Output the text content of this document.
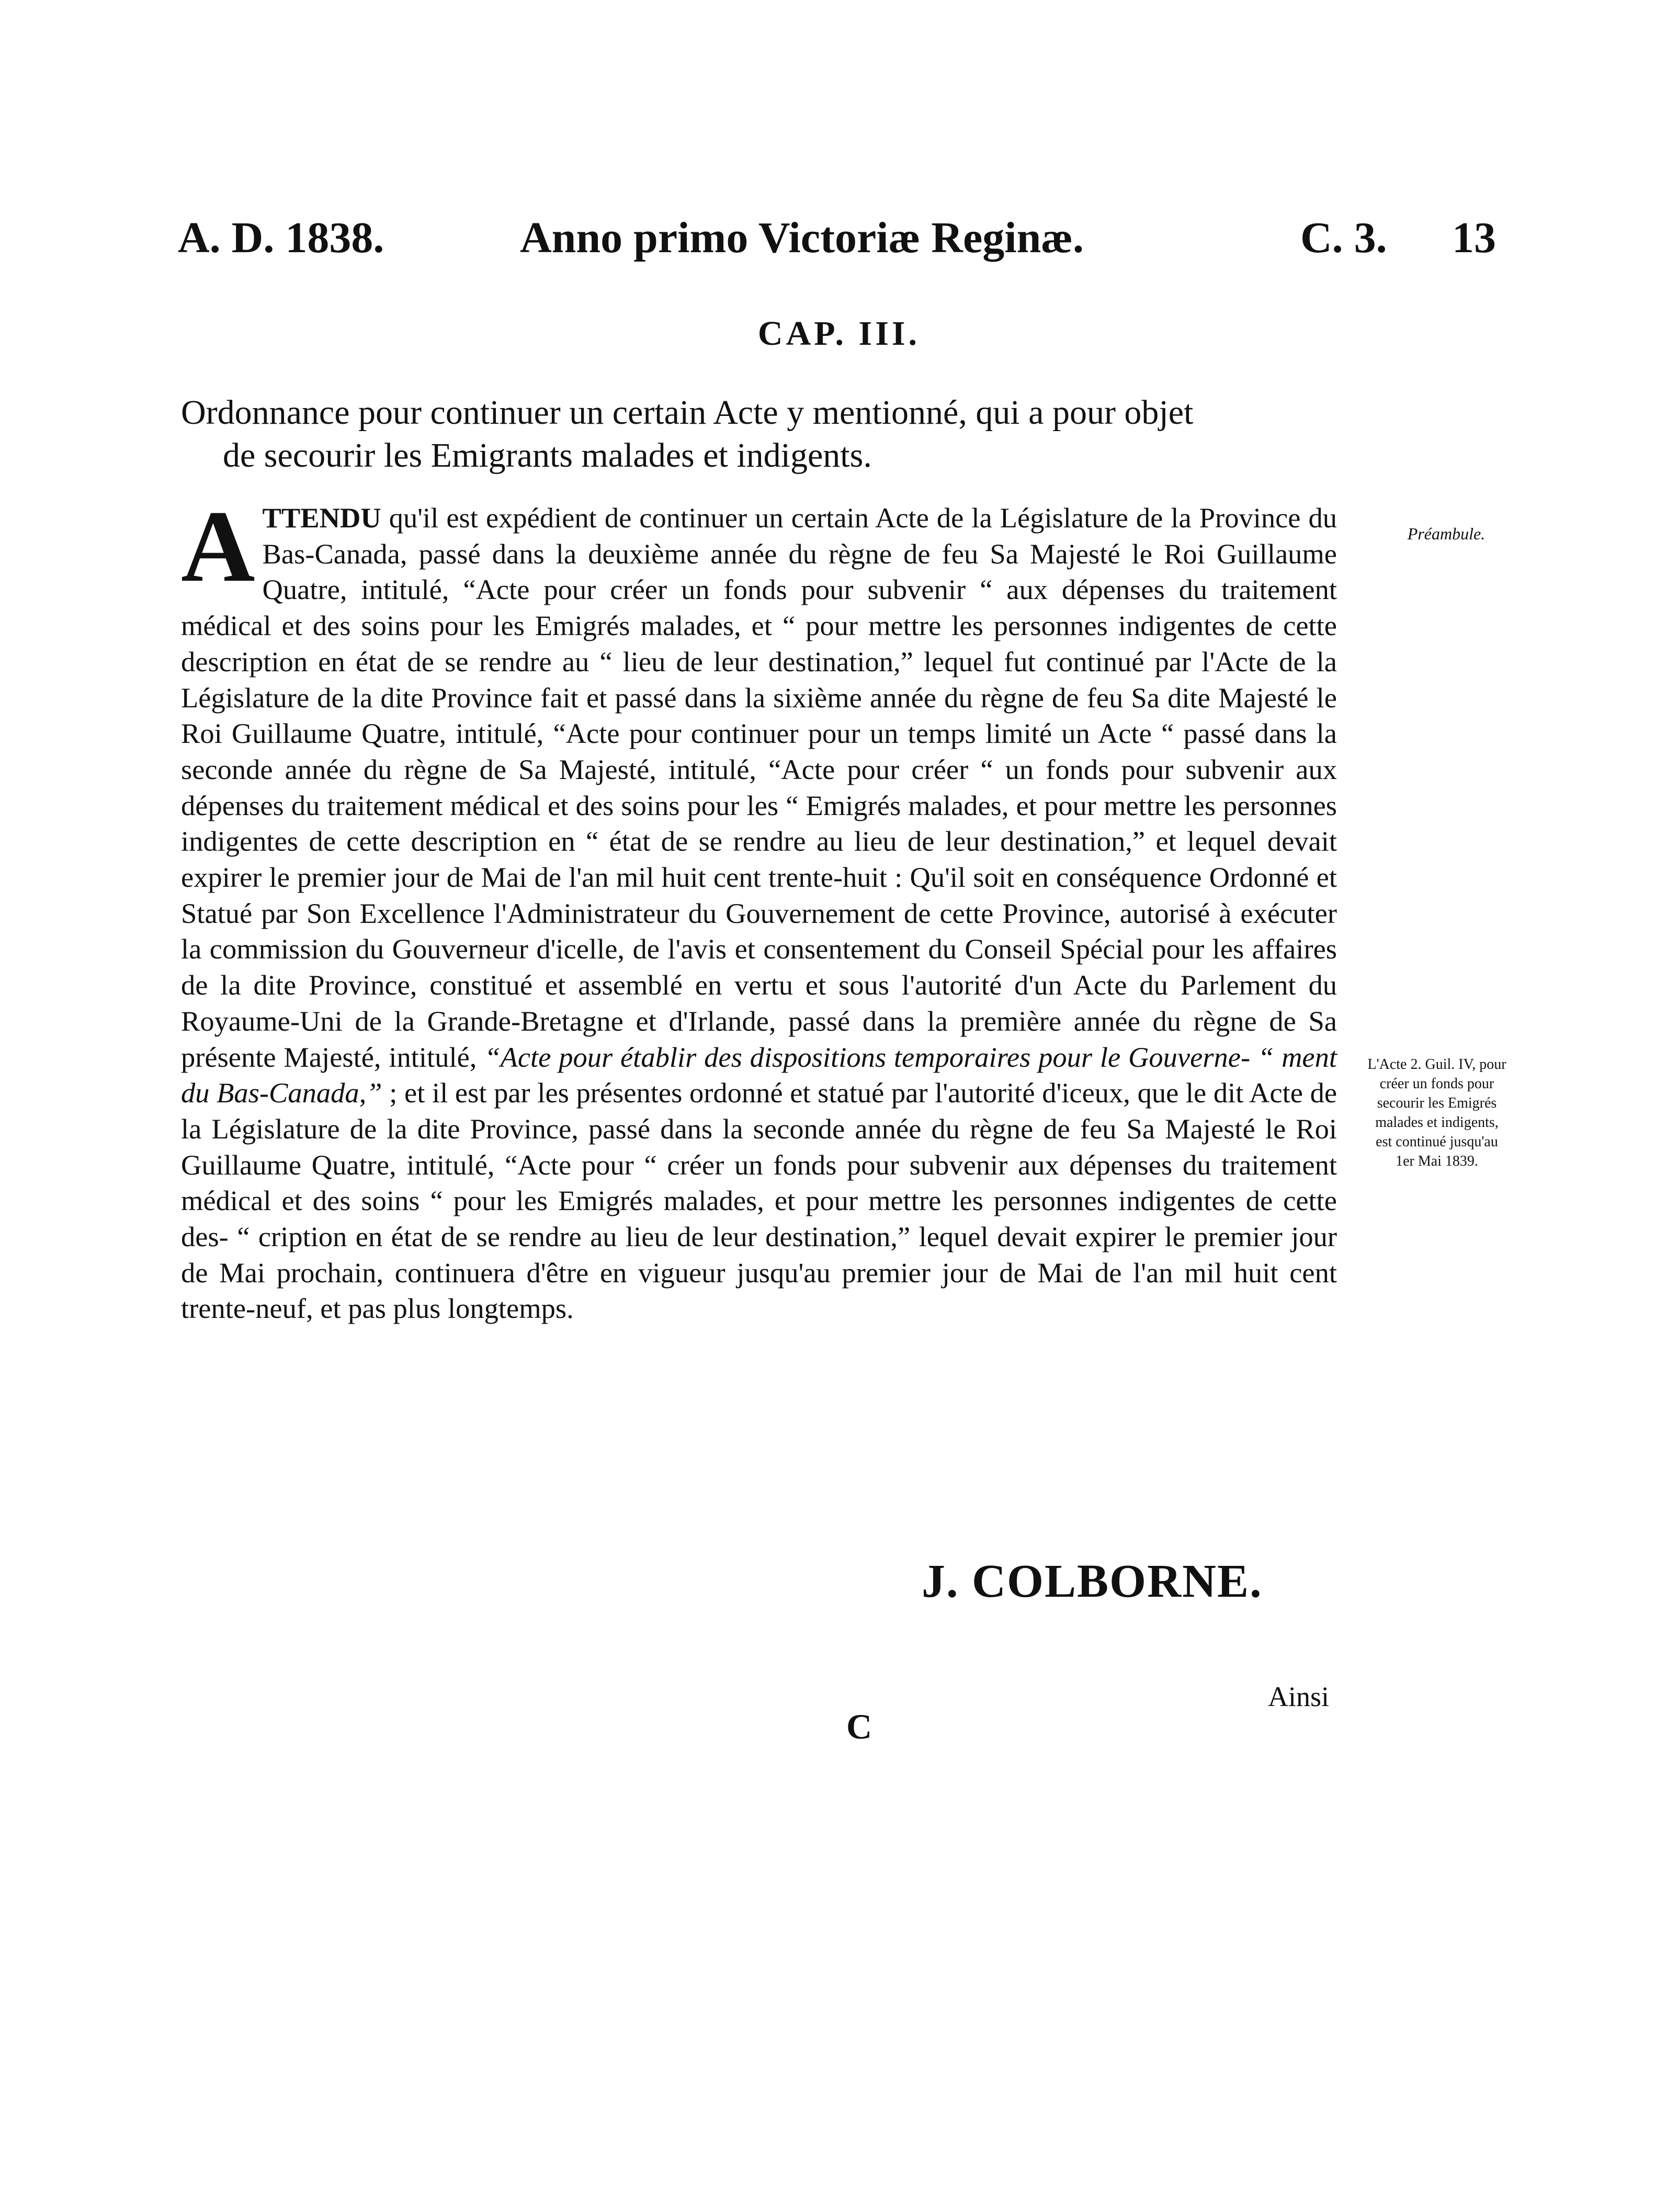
A. D. 1838.	Anno primo Victoriæ Reginæ.	C. 3. 13
CAP. III.
Ordonnance pour continuer un certain Acte y mentionné, qui a pour objet
de secourir les Emigrants malades et indigents.
ATTENDU qu'il est expédient de continuer un certain Acte de la Législature de la Province du Bas-Canada, passé dans la deuxième année du règne de feu Sa Majesté le Roi Guillaume Quatre, intitulé, “Acte pour créer un fonds pour subvenir “ aux dépenses du traitement médical et des soins pour les Emigrés malades, et “ pour mettre les personnes indigentes de cette description en état de se rendre au “ lieu de leur destination,” lequel fut continué par l'Acte de la Législature de la dite Province fait et passé dans la sixième année du règne de feu Sa dite Majesté le Roi Guillaume Quatre, intitulé, “Acte pour continuer pour un temps limité un Acte “ passé dans la seconde année du règne de Sa Majesté, intitulé, “Acte pour créer “ un fonds pour subvenir aux dépenses du traitement médical et des soins pour les “ Emigrés malades, et pour mettre les personnes indigentes de cette description en “ état de se rendre au lieu de leur destination,” et lequel devait expirer le premier jour de Mai de l'an mil huit cent trente-huit : Qu'il soit en conséquence Ordonné et Statué par Son Excellence l'Administrateur du Gouvernement de cette Province, autorisé à exécuter la commission du Gouverneur d'icelle, de l'avis et consentement du Conseil Spécial pour les affaires de la dite Province, constitué et assemblé en vertu et sous l'autorité d'un Acte du Parlement du Royaume-Uni de la Grande-Bretagne et d'Irlande, passé dans la première année du règne de Sa présente Majesté, intitulé, “Acte pour établir des dispositions temporaires pour le Gouverne- “ ment du Bas-Canada,” ; et il est par les présentes ordonné et statué par l'autorité d'iceux, que le dit Acte de la Législature de la dite Province, passé dans la seconde année du règne de feu Sa Majesté le Roi Guillaume Quatre, intitulé, “Acte pour “ créer un fonds pour subvenir aux dépenses du traitement médical et des soins “ pour les Emigrés malades, et pour mettre les personnes indigentes de cette des- “ cription en état de se rendre au lieu de leur destination,” lequel devait expirer le premier jour de Mai prochain, continuera d'être en vigueur jusqu'au premier jour de Mai de l'an mil huit cent trente-neuf, et pas plus longtemps.
Préambule.
L'Acte 2. Guil. IV, pour créer un fonds pour secourir les Emigrés malades et indigents, est continué jusqu'au 1er Mai 1839.
J. COLBORNE.
Ainsi
C
